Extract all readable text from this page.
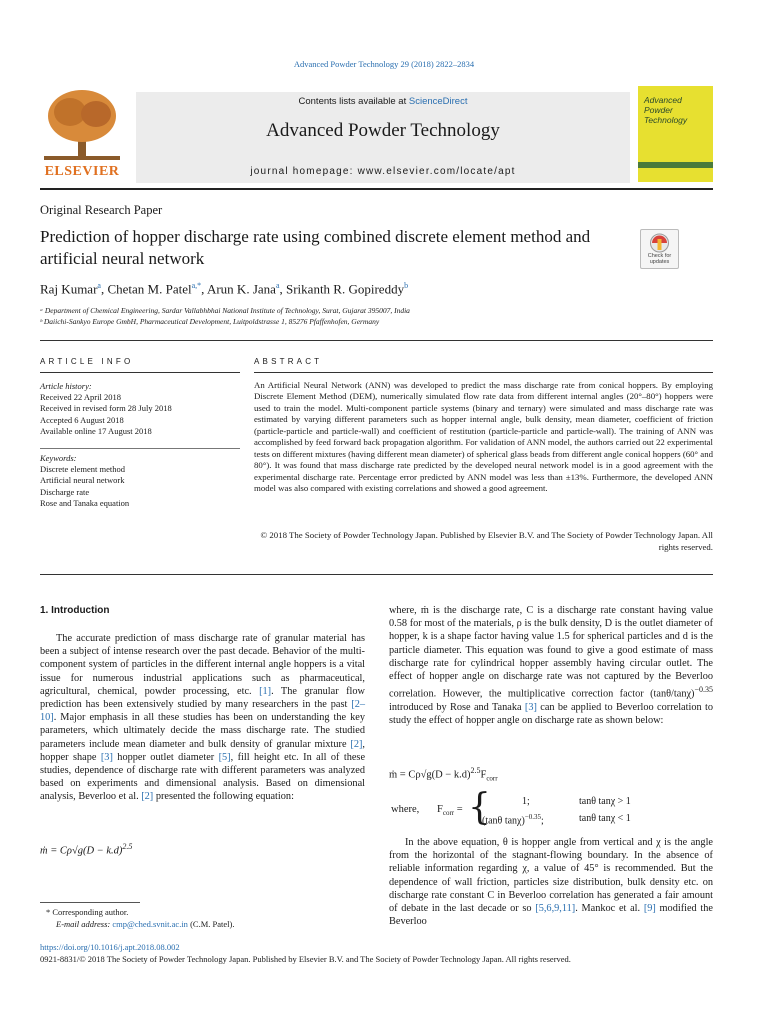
Advanced Powder Technology 29 (2018) 2822–2834
ELSEVIER
Contents lists available at ScienceDirect
Advanced Powder Technology
journal homepage: www.elsevier.com/locate/apt
Advanced Powder Technology
Original Research Paper
Prediction of hopper discharge rate using combined discrete element method and artificial neural network	Check for updates
Raj Kumar$^a$, Chetan M. Patel$^{a,*}$, Arun K. Jana$^a$, Srikanth R. Gopireddy$^b$
ᵃ Department of Chemical Engineering, Sardar Vallabhbhai National Institute of Technology, Surat, Gujarat 395007, India
ᵇ Daiichi-Sankyo Europe GmbH, Pharmaceutical Development, Luitpoldstrasse 1, 85276 Pfaffenhofen, Germany
ARTICLE INFO	ABSTRACT
Article history:
Received 22 April 2018
Received in revised form 28 July 2018
Accepted 6 August 2018
Available online 17 August 2018
Keywords:
Discrete element method
Artificial neural network
Discharge rate
Rose and Tanaka equation
An Artificial Neural Network (ANN) was developed to predict the mass discharge rate from conical hoppers. By employing Discrete Element Method (DEM), numerically simulated flow rate data from different internal angles (20°–80°) hoppers were used to train the model. Multi-component particle systems (binary and ternary) were simulated and mass discharge rate was estimated by varying different parameters such as hopper internal angle, bulk density, mean diameter, coefficient of friction (particle-particle and particle-wall) and coefficient of restitution (particle-particle and particle-wall). The training of ANN was accomplished by feed forward back propagation algorithm. For validation of ANN model, the authors carried out 22 experimental tests on different mixtures (having different mean diameter) of spherical glass beads from different angle conical hoppers (60° and 80°). It was found that mass discharge rate predicted by the developed neural network model is in a good agreement with the experimental discharge rate. Percentage error predicted by ANN model was less than ±13%. Furthermore, the developed ANN model was also compared with existing correlations and showed a good agreement.
© 2018 The Society of Powder Technology Japan. Published by Elsevier B.V. and The Society of Powder Technology Japan. All rights reserved.
1. Introduction
The accurate prediction of mass discharge rate of granular material has been a subject of intense research over the past decade. Behavior of the multi-component system of particles in the different internal angle hoppers is a vital issue for numerous industrial applications such as pharmaceutical, agricultural, chemical, powder processing, etc. [1]. The granular flow prediction has been extensively studied by many researchers in the past [2–10]. Major emphasis in all these studies has been on understanding the key parameters, which ultimately decide the mass discharge rate. The studied parameters include mean diameter and bulk density of granular mixture [2], hopper shape [3] hopper outlet diameter [5], fill height etc. In all of these studies, dependence of discharge rate with different parameters was analyzed based on experiments and dimensional analysis. Based on dimensional analysis, Beverloo et al. [2] presented the following equation:
ṁ = $C\rho√g(D - k.d)^{2.5}$
where, ṁ is the discharge rate, C is a discharge rate constant having value 0.58 for most of the materials, ρ is the bulk density, D is the outlet diameter of hopper, k is a shape factor having value 1.5 for spherical particles and d is the particle diameter. This equation was found to give a good estimate of mass discharge rate for cylindrical hopper assembly having circular outlet. The effect of hopper angle on discharge rate was not captured by the Beverloo correlation. However, the multiplicative correction factor $(\tan\theta/\tan\chi)^{-0.35}$ introduced by Rose and Tanaka [3] can be applied to Beverloo correlation to study the effect of hopper angle on discharge rate as shown below:
ṁ = $C\rho√g(D - k.d)^{2.5}F_{corr}$
where, $F_{corr}$ = {	1;	tanθ tanχ > 1
(tanθ tanχ)$^{-0.35}$;	tanθ tanχ < 1
In the above equation, θ is hopper angle from vertical and χ is the angle from the horizontal of the stagnant-flowing boundary. In the absence of reliable information regarding χ, a value of 45° is recommended. But the dependence of wall friction, particles size distribution, bulk density etc. on discharge rate constant C in Beverloo correlation has generated a fair amount of debate in the last decade or so [5,6,9,11]. Mankoc et al. [9] modified the Beverloo
* Corresponding author.
E-mail address: cmp@ched.svnit.ac.in (C.M. Patel).
https://doi.org/10.1016/j.apt.2018.08.002
0921-8831/© 2018 The Society of Powder Technology Japan. Published by Elsevier B.V. and The Society of Powder Technology Japan. All rights reserved.
